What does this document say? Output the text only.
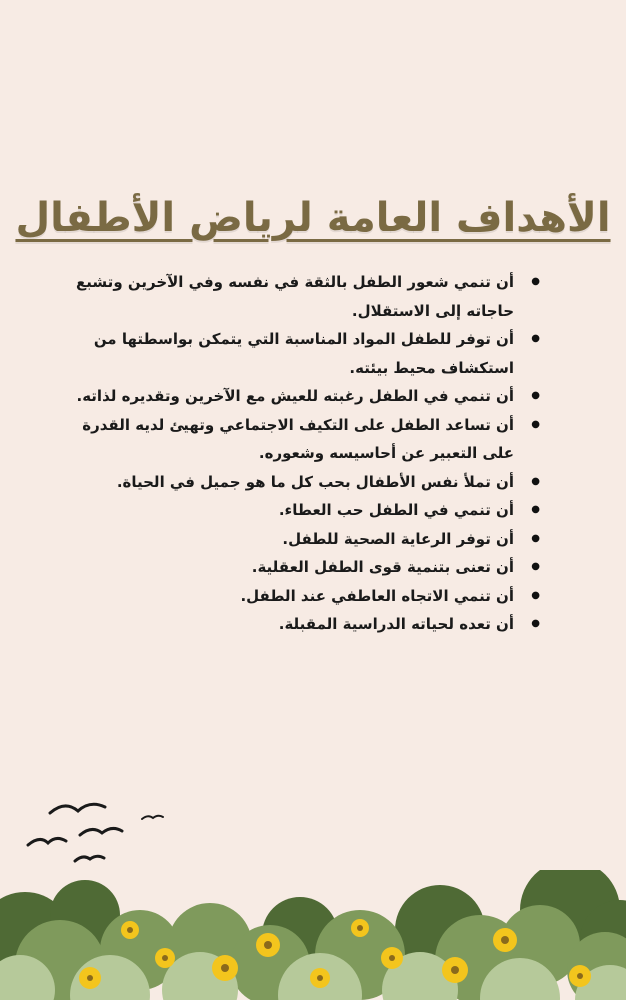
الأهداف العامة لرياض الأطفال
● أن تنمي شعور الطفل بالثقة في نفسه وفي الآخرين وتشبع حاجاته إلى الاستقلال.
● أن توفر للطفل المواد المناسبة التي يتمكن بواسطتها من استكشاف محيط بيئته.
● أن تنمي في الطفل رغبته للعيش مع الآخرين وتقديره لذاته.
● أن تساعد الطفل على التكيف الاجتماعي وتهيئ لديه القدرة على التعبير عن أحاسيسه وشعوره.
● أن تملأ نفس الأطفال بحب كل ما هو جميل في الحياة.
● أن تنمي في الطفل حب العطاء.
● أن توفر الرعاية الصحية للطفل.
● أن تعنى بتنمية قوى الطفل العقلية.
● أن تنمي الاتجاه العاطفي عند الطفل.
● أن تعده لحياته الدراسية المقبلة.
